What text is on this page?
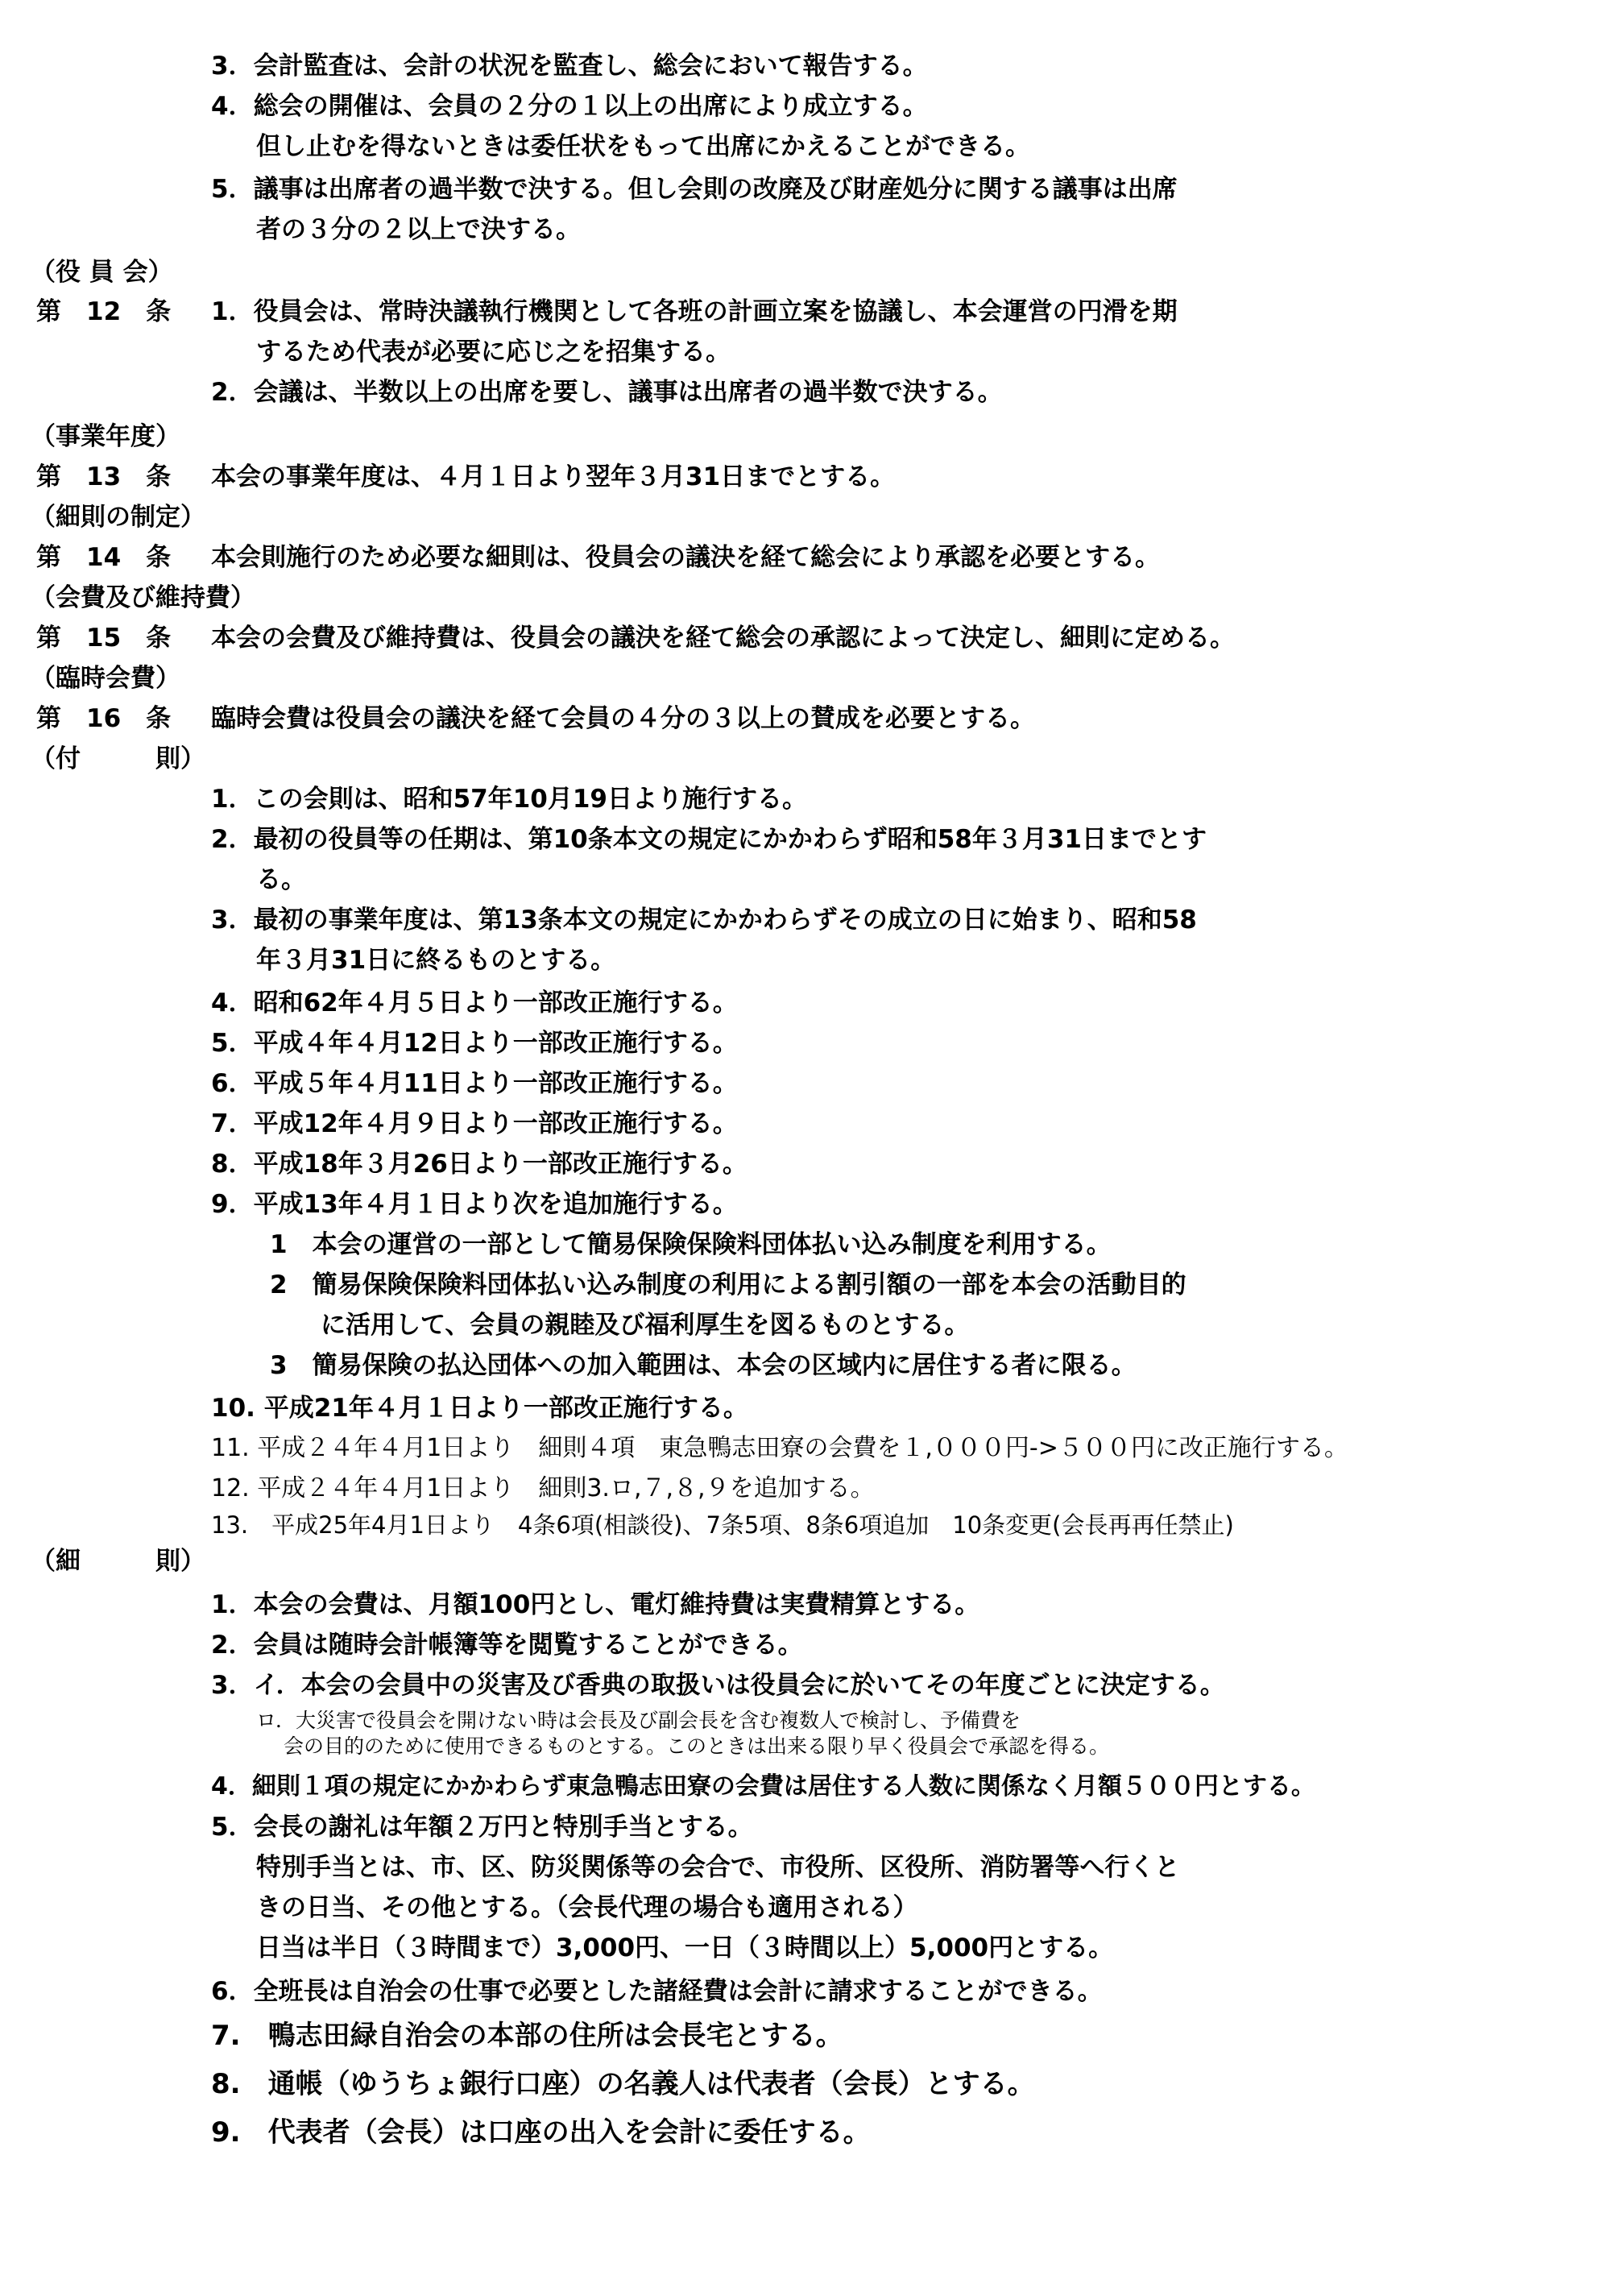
3．会計監査は、会計の状況を監査し、総会において報告する。
4．総会の開催は、会員の２分の１以上の出席により成立する。
但し止むを得ないときは委任状をもって出席にかえることができる。
5．議事は出席者の過半数で決する。但し会則の改廃及び財産処分に関する議事は出席
者の３分の２以上で決する。
（役 員 会）
第　12　条 1．役員会は、常時決議執行機関として各班の計画立案を協議し、本会運営の円滑を期
するため代表が必要に応じ之を招集する。
2．会議は、半数以上の出席を要し、議事は出席者の過半数で決する。
（事業年度）
第　13　条 本会の事業年度は、４月１日より翌年３月31日までとする。
（細則の制定）
第　14　条 本会則施行のため必要な細則は、役員会の議決を経て総会により承認を必要とする。
（会費及び維持費）
第　15　条 本会の会費及び維持費は、役員会の議決を経て総会の承認によって決定し、細則に定める。
（臨時会費）
第　16　条 臨時会費は役員会の議決を経て会員の４分の３以上の賛成を必要とする。
（付　　　則）
1．この会則は、昭和57年10月19日より施行する。
2．最初の役員等の任期は、第10条本文の規定にかかわらず昭和58年３月31日までとす
る。
3．最初の事業年度は、第13条本文の規定にかかわらずその成立の日に始まり、昭和58
年３月31日に終るものとする。
4．昭和62年４月５日より一部改正施行する。
5．平成４年４月12日より一部改正施行する。
6．平成５年４月11日より一部改正施行する。
7．平成12年４月９日より一部改正施行する。
8．平成18年３月26日より一部改正施行する。
9．平成13年４月１日より次を追加施行する。
1　本会の運営の一部として簡易保険保険料団体払い込み制度を利用する。
2　簡易保険保険料団体払い込み制度の利用による割引額の一部を本会の活動目的
に活用して、会員の親睦及び福利厚生を図るものとする。
3　簡易保険の払込団体への加入範囲は、本会の区域内に居住する者に限る。
10. 平成21年４月１日より一部改正施行する。
11. 平成２４年４月1日より　細則４項　東急鴨志田寮の会費を１,０００円->５００円に改正施行する。
12. 平成２４年４月1日より　細則3.ロ,７,８,９を追加する。
13.　平成25年4月1日より　4条6項(相談役)、7条5項、8条6項追加　10条変更(会長再再任禁止)
（細　　　則）
1．本会の会費は、月額100円とし、電灯維持費は実費精算とする。
2．会員は随時会計帳簿等を閲覧することができる。
3．イ．本会の会員中の災害及び香典の取扱いは役員会に於いてその年度ごとに決定する。
ロ．大災害で役員会を開けない時は会長及び副会長を含む複数人で検討し、予備費を
会の目的のために使用できるものとする。このときは出来る限り早く役員会で承認を得る。
4．細則１項の規定にかかわらず東急鴨志田寮の会費は居住する人数に関係なく月額５００円とする。
5．会長の謝礼は年額２万円と特別手当とする。
特別手当とは、市、区、防災関係等の会合で、市役所、区役所、消防署等へ行くと
きの日当、その他とする。（会長代理の場合も適用される）
日当は半日（３時間まで）3,000円、一日（３時間以上）5,000円とする。
6．全班長は自治会の仕事で必要とした諸経費は会計に請求することができる。
7.　鴨志田緑自治会の本部の住所は会長宅とする。
8.　通帳（ゆうちょ銀行口座）の名義人は代表者（会長）とする。
9.　代表者（会長）は口座の出入を会計に委任する。
